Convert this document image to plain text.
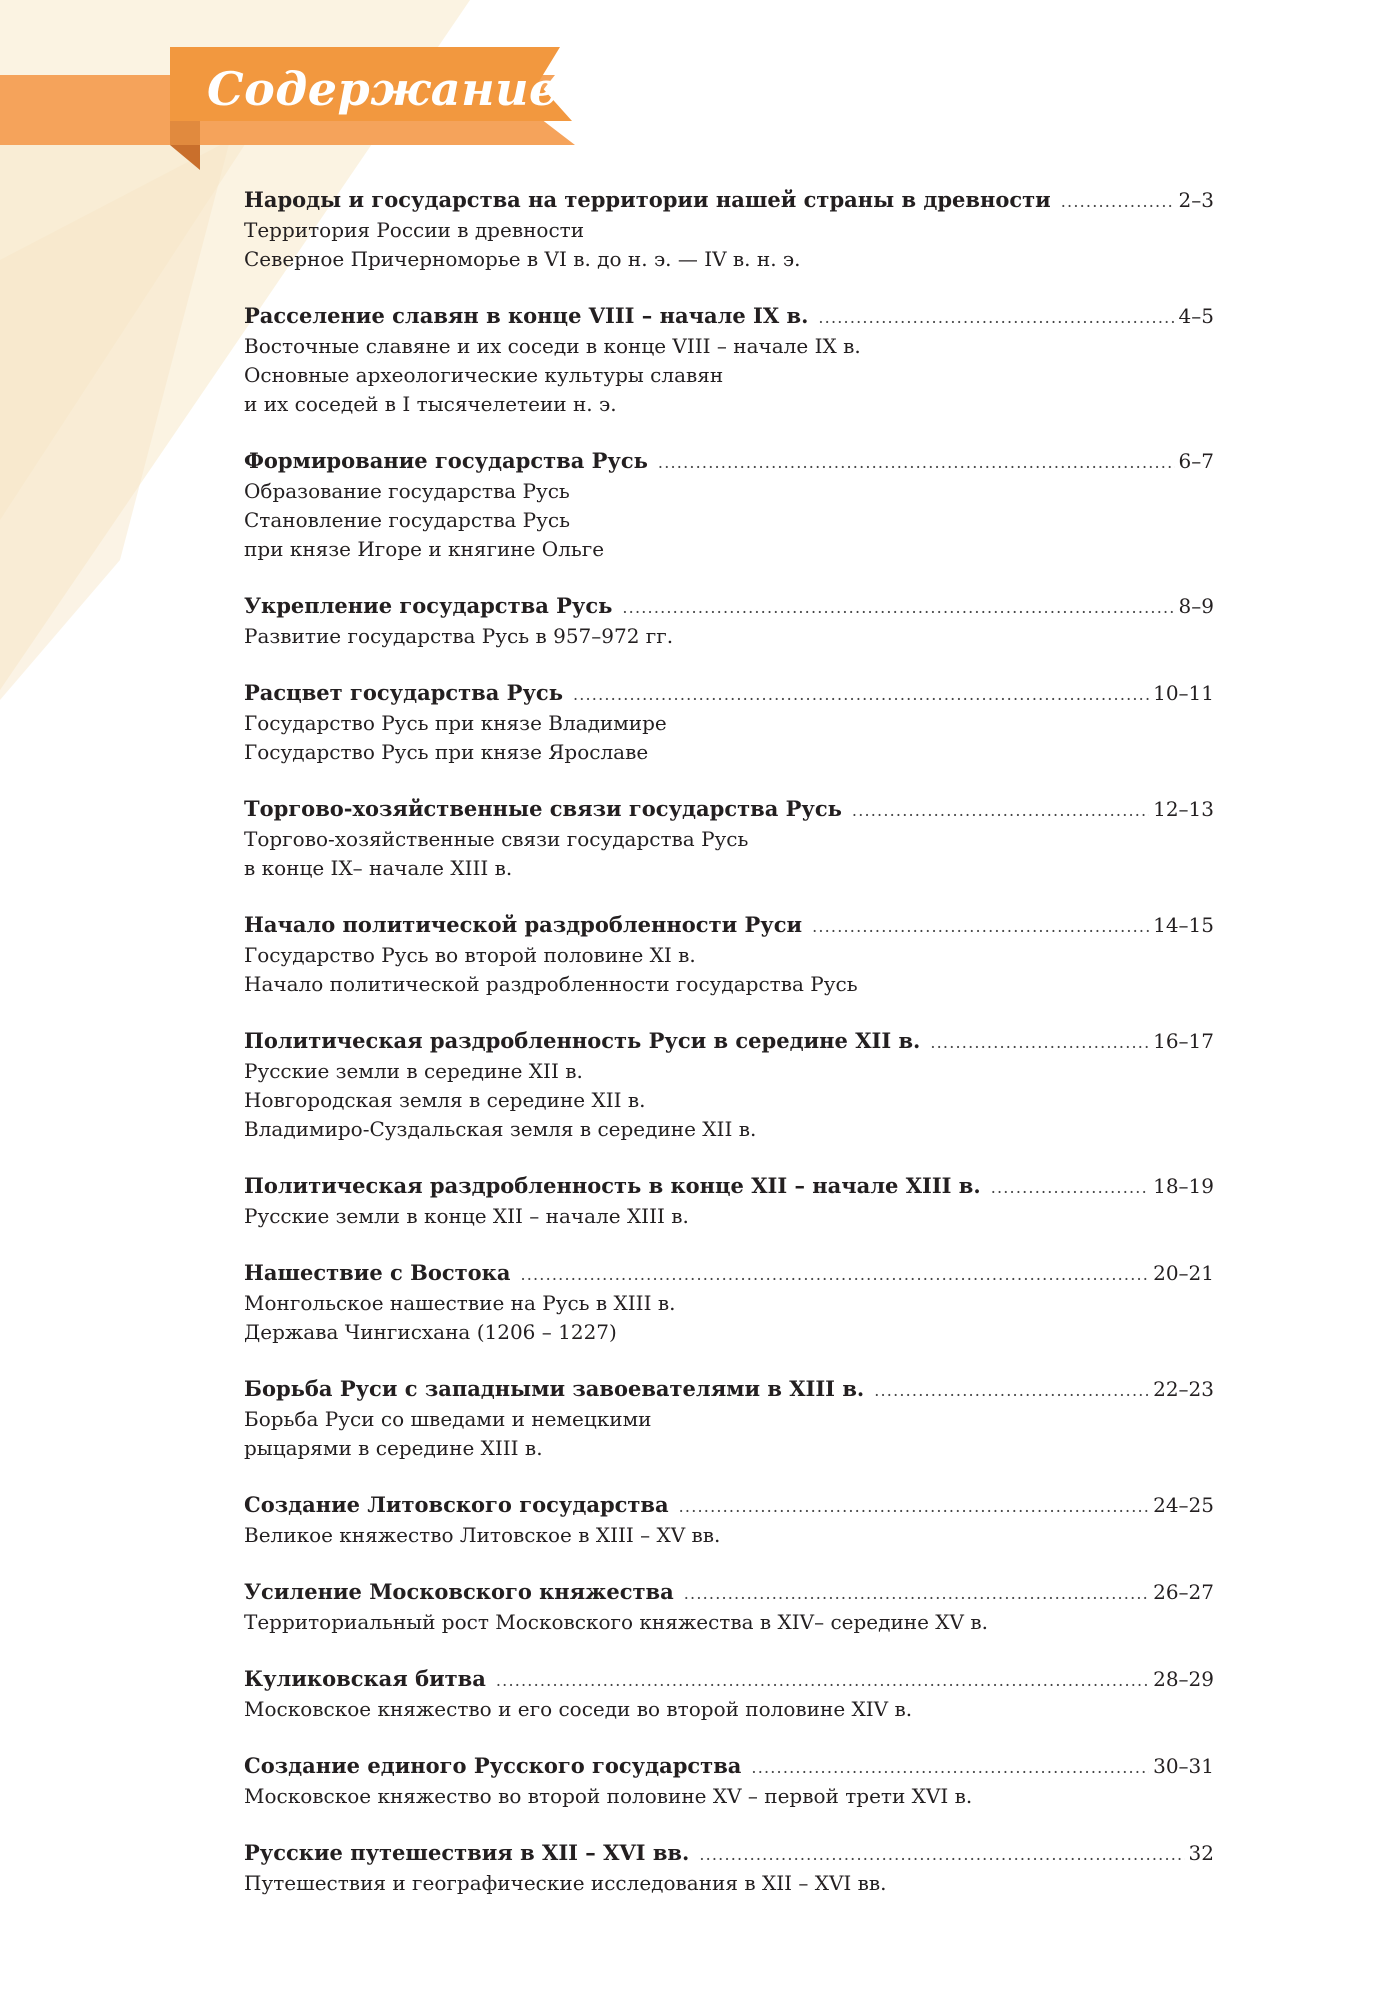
Содержание
Народы и государства на территории нашей страны в древности .....	2–3
Территория России в древности
Северное Причерноморье в VI в. до н. э. — IV в. н. э.
Расселение славян в конце VIII – начале IX в. .....	4–5
Восточные славяне и их соседи в конце VIII – начале IX в.
Основные археологические культуры славян
и их соседей в I тысячелетеии н. э.
Формирование государства Русь .....	6–7
Образование государства Русь
Становление государства Русь
при князе Игоре и княгине Ольге
Укрепление государства Русь .....	8–9
Развитие государства Русь в 957–972 гг.
Расцвет государства Русь .....	10–11
Государство Русь при князе Владимире
Государство Русь при князе Ярославе
Торгово-хозяйственные связи государства Русь .....	12–13
Торгово-хозяйственные связи государства Русь
в конце IX– начале XIII в.
Начало политической раздробленности Руси .....	14–15
Государство Русь во второй половине XI в.
Начало политической раздробленности государства Русь
Политическая раздробленность Руси в середине XII в. .....	16–17
Русские земли в середине XII в.
Новгородская земля в середине XII в.
Владимиро-Суздальская земля в середине XII в.
Политическая раздробленность в конце XII – начале XIII в. .....	18–19
Русские земли в конце XII – начале XIII в.
Нашествие с Востока .....	20–21
Монгольское нашествие на Русь в XIII в.
Держава Чингисхана (1206 – 1227)
Борьба Руси с западными завоевателями в XIII в. .....	22–23
Борьба Руси со шведами и немецкими
рыцарями в середине XIII в.
Создание Литовского государства .....	24–25
Великое княжество Литовское в XIII – XV вв.
Усиление Московского княжества .....	26–27
Территориальный рост Московского княжества в XIV– середине XV в.
Куликовская битва .....	28–29
Московское княжество и его соседи во второй половине XIV в.
Создание единого Русского государства .....	30–31
Московское княжество во второй половине XV – первой трети XVI в.
Русские путешествия в XII – XVI вв. .....	32
Путешествия и географические исследования в XII – XVI вв.
